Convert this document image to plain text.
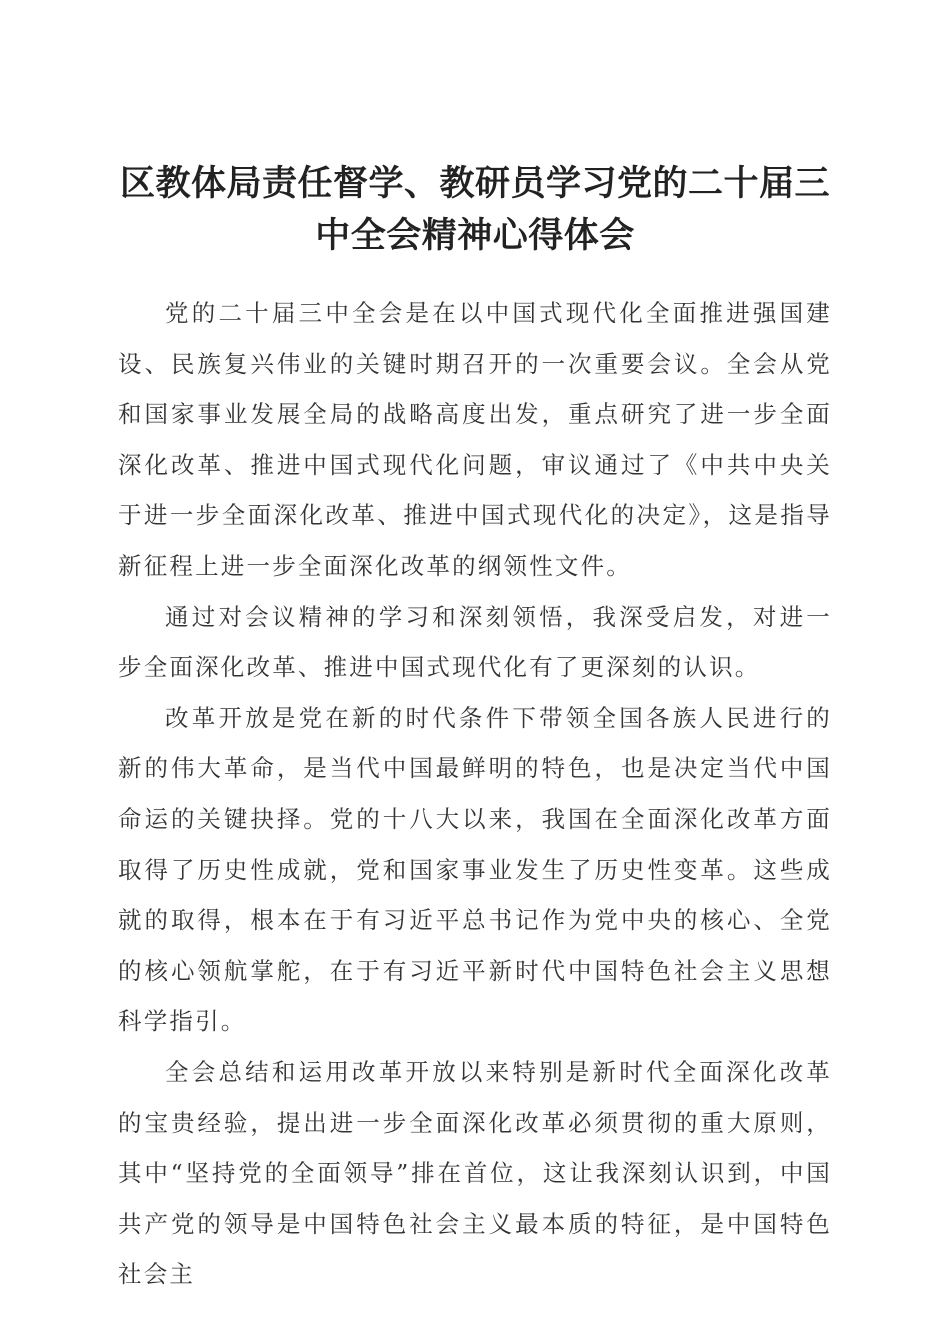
区教体局责任督学、教研员学习党的二十届三
中全会精神心得体会

党的二十届三中全会是在以中国式现代化全面推进强国建设、民族复兴伟业的关键时期召开的一次重要会议。全会从党和国家事业发展全局的战略高度出发，重点研究了进一步全面深化改革、推进中国式现代化问题，审议通过了《中共中央关于进一步全面深化改革、推进中国式现代化的决定》，这是指导新征程上进一步全面深化改革的纲领性文件。

通过对会议精神的学习和深刻领悟，我深受启发，对进一步全面深化改革、推进中国式现代化有了更深刻的认识。

改革开放是党在新的时代条件下带领全国各族人民进行的新的伟大革命，是当代中国最鲜明的特色，也是决定当代中国命运的关键抉择。党的十八大以来，我国在全面深化改革方面取得了历史性成就，党和国家事业发生了历史性变革。这些成就的取得，根本在于有习近平总书记作为党中央的核心、全党的核心领航掌舵，在于有习近平新时代中国特色社会主义思想科学指引。

全会总结和运用改革开放以来特别是新时代全面深化改革的宝贵经验，提出进一步全面深化改革必须贯彻的重大原则，其中“坚持党的全面领导”排在首位，这让我深刻认识到，中国共产党的领导是中国特色社会主义最本质的特征，是中国特色社会主
